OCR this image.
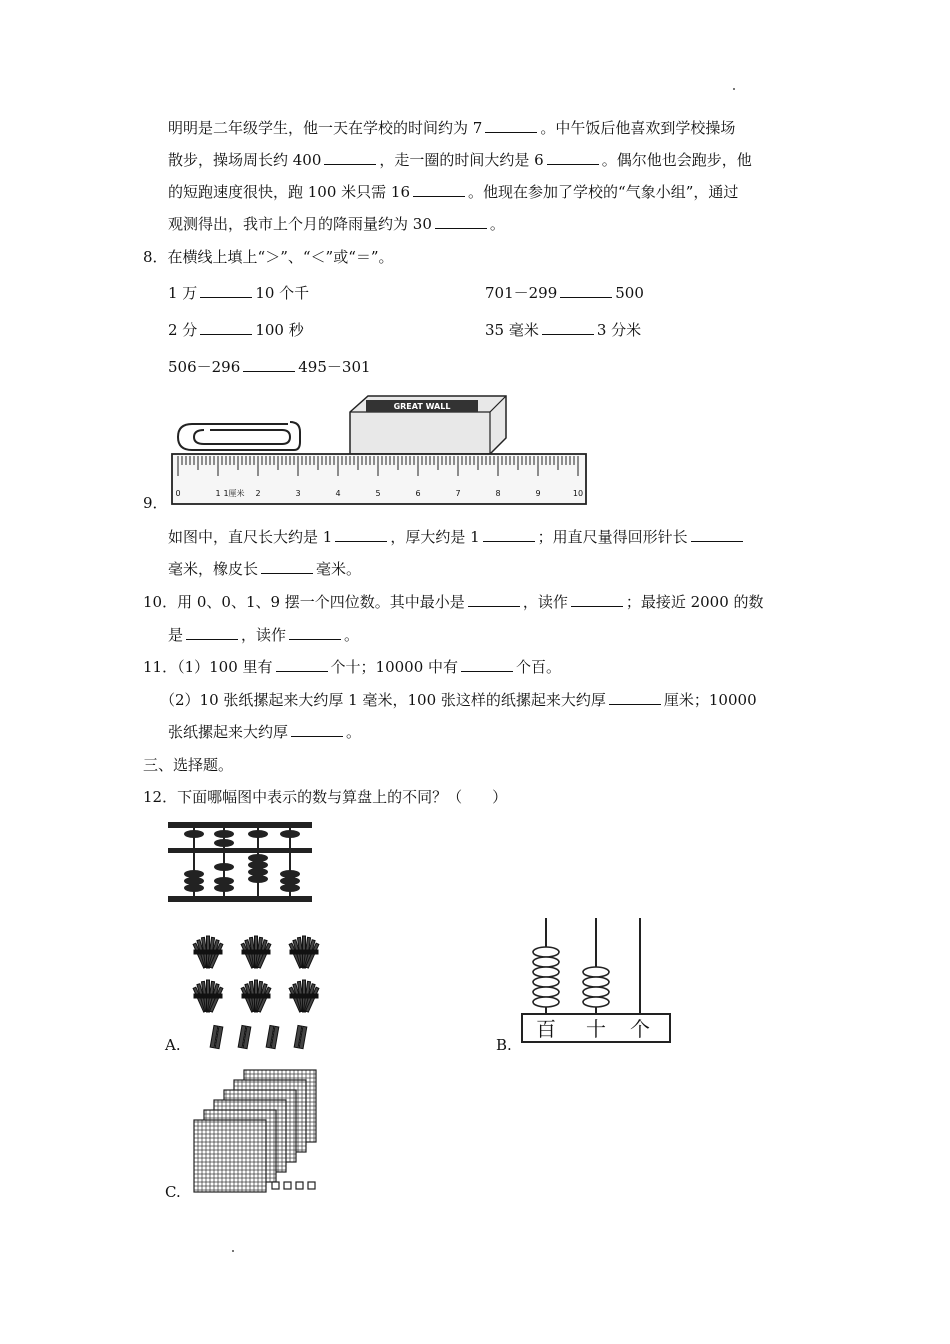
明明是二年级学生，他一天在学校的时间约为 7	。中午饭后他喜欢到学校操场
散步，操场周长约 400	，走一圈的时间大约是 6	。偶尔他也会跑步，他
的短跑速度很快，跑 100 米只需 16	。他现在参加了学校的“气象小组”，通过
观测得出，我市上个月的降雨量约为 30	。
8．在横线上填上“＞”、“＜”或“＝”。
1 万	10 个千	701－299	500
2 分	100 秒	35 毫米	3 分米
506－296	495－301
9．
GREAT WALL
0	1	2	3	4	5	6	7	8	9	10
1厘米
如图中，直尺长大约是 1	，厚大约是 1	；用直尺量得回形针长
毫米，橡皮长	毫米。
10．用 0、0、1、9 摆一个四位数。其中最小是	，读作	；最接近 2000 的数
是	，读作	。
11．（1）100 里有	个十；10000 中有	个百。
（2）10 张纸摞起来大约厚 1 毫米，100 张这样的纸摞起来大约厚	厘米；10000
张纸摞起来大约厚	。
三、选择题。
12．下面哪幅图中表示的数与算盘上的不同？（　　）
A.
百 十 个
B.
C.
